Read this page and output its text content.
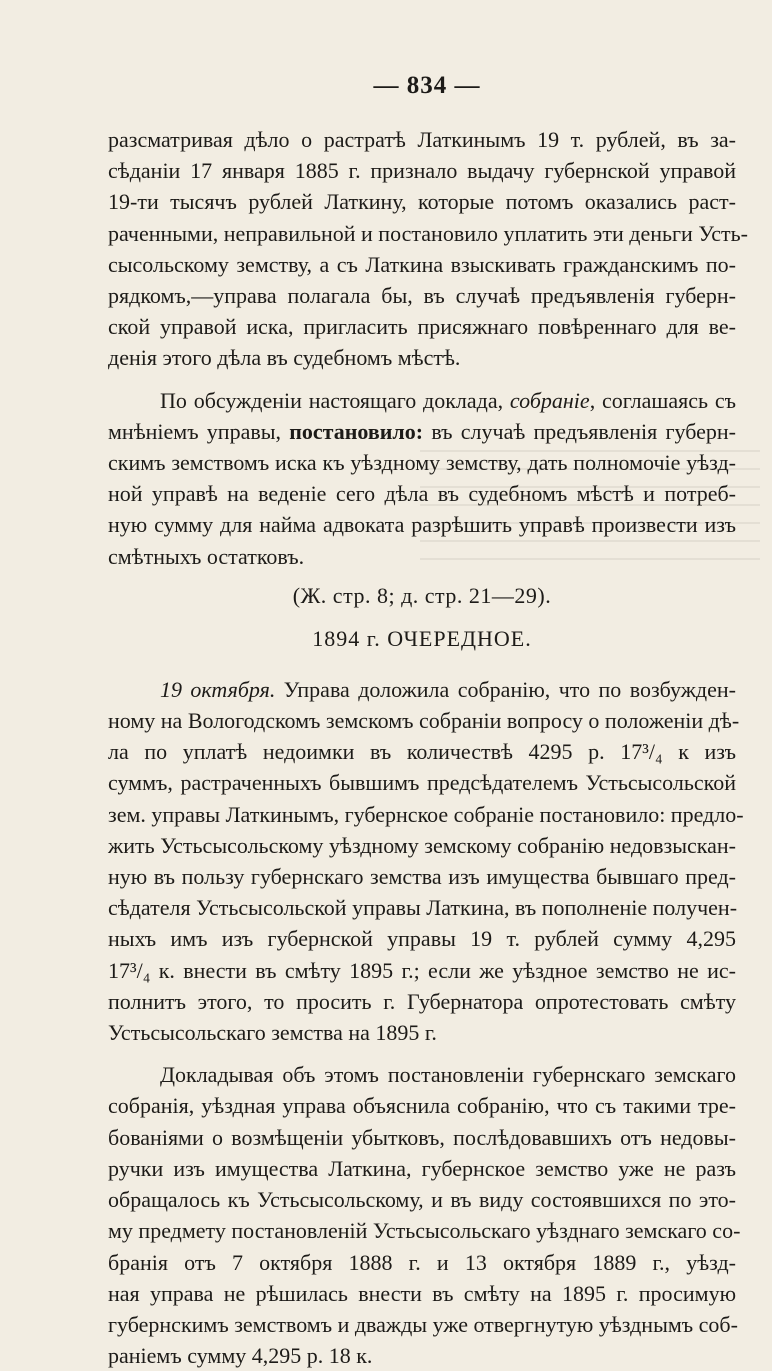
— 834 —
разсматривая дѣло о растратѣ Латкинымъ 19 т. рублей, въ за-
сѣданіи 17 января 1885 г. признало выдачу губернской управой
19-ти тысячъ рублей Латкину, которые потомъ оказались раст-
раченными, неправильной и постановило уплатить эти деньги Усть-
сысольскому земству, а съ Латкина взыскивать гражданскимъ по-
рядкомъ,—управа полагала бы, въ случаѣ предъявленія губерн-
ской управой иска, пригласить присяжнаго повѣреннаго для ве-
денія этого дѣла въ судебномъ мѣстѣ.
По обсужденіи настоящаго доклада, собраніе, соглашаясь съ
мнѣніемъ управы, постановило: въ случаѣ предъявленія губерн-
скимъ земствомъ иска къ уѣздному земству, дать полномочіе уѣзд-
ной управѣ на веденіе сего дѣла въ судебномъ мѣстѣ и потреб-
ную сумму для найма адвоката разрѣшить управѣ произвести изъ
смѣтныхъ остатковъ.
(Ж. стр. 8; д. стр. 21—29).
1894 г. ОЧЕРЕДНОЕ.
19 октября. Управа доложила собранію, что по возбужден-
ному на Вологодскомъ земскомъ собраніи вопросу о положеніи дѣ-
ла по уплатѣ недоимки въ количествѣ 4295 р. 17³/₄ к изъ
суммъ, растраченныхъ бывшимъ предсѣдателемъ Устьсысольской
зем. управы Латкинымъ, губернское собраніе постановило: предло-
жить Устьсысольскому уѣздному земскому собранію недовзыскан-
ную въ пользу губернскаго земства изъ имущества бывшаго пред-
сѣдателя Устьсысольской управы Латкина, въ пополненіе получен-
ныхъ имъ изъ губернской управы 19 т. рублей сумму 4,295
17³/₄ к. внести въ смѣту 1895 г.; если же уѣздное земство не ис-
полнитъ этого, то просить г. Губернатора опротестовать смѣту
Устьсысольскаго земства на 1895 г.
Докладывая объ этомъ постановленіи губернскаго земскаго
собранія, уѣздная управа объяснила собранію, что съ такими тре-
бованіями о возмѣщеніи убытковъ, послѣдовавшихъ отъ недовы-
ручки изъ имущества Латкина, губернское земство уже не разъ
обращалось къ Устьсысольскому, и въ виду состоявшихся по это-
му предмету постановленій Устьсысольскаго уѣзднаго земскаго со-
бранія отъ 7 октября 1888 г. и 13 октября 1889 г., уѣзд-
ная управа не рѣшилась внести въ смѣту на 1895 г. просимую
губернскимъ земствомъ и дважды уже отвергнутую уѣзднымъ соб-
раніемъ сумму 4,295 р. 18 к.
